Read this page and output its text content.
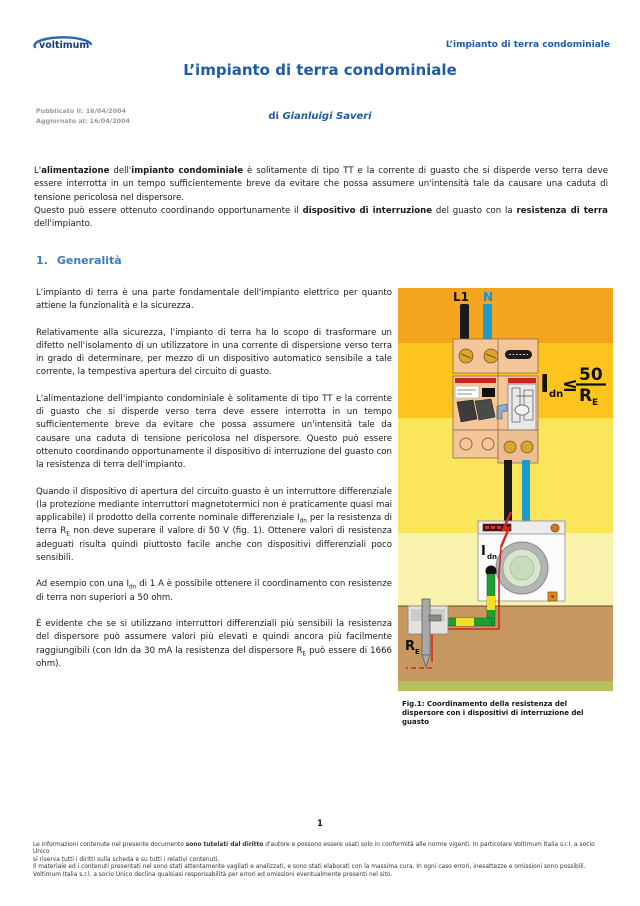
voltimum	L’impianto di terra condominiale
L’impianto di terra condominiale
Pubblicato il: 16/04/2004
Aggiornato al: 16/04/2004	di Gianluigi Saveri

L'alimentazione dell'impianto condominiale è solitamente di tipo TT e la corrente di guasto che si disperde verso terra deve essere interrotta in un tempo sufficientemente breve da evitare che possa assumere un'intensità tale da causare una caduta di tensione pericolosa nel dispersore.

Questo può essere ottenuto coordinando opportunamente il dispositivo di interruzione del guasto con la resistenza di terra dell'impianto.

1. Generalità

L'impianto di terra è una parte fondamentale dell'impianto elettrico per quanto attiene la funzionalità e la sicurezza.

Relativamente alla sicurezza, l'impianto di terra ha lo scopo di trasformare un difetto nell'isolamento di un utilizzatore in una corrente di dispersione verso terra in grado di determinare, per mezzo di un dispositivo automatico sensibile a tale corrente, la tempestiva apertura del circuito di guasto.

L'alimentazione dell'impianto condominiale è solitamente di tipo TT e la corrente di guasto che si disperde verso terra deve essere interrotta in un tempo sufficientemente breve da evitare che possa assumere un'intensità tale da causare una caduta di tensione pericolosa nel dispersore. Questo può essere ottenuto coordinando opportunamente il dispositivo di interruzione del guasto con la resistenza di terra dell'impianto.

Quando il dispositivo di apertura del circuito guasto è un interruttore differenziale (la protezione mediante interruttori magnetotermici non è praticamente quasi mai applicabile) il prodotto della corrente nominale differenziale $I_{dn}$ per la resistenza di terra $R_E$ non deve superare il valore di 50 V (fig. 1). Ottenere valori di resistenza adeguati risulta quindi piuttosto facile anche con dispositivi differenziali poco sensibili.

Ad esempio con una $I_{dn}$ di 1 A è possibile ottenere il coordinamento con resistenze di terra non superiori a 50 ohm.

É evidente che se si utilizzano interruttori differenziali più sensibili la resistenza del dispersore può assumere valori più elevati e quindi ancora più facilmente raggiungibili (con Idn da 30 mA la resistenza del dispersore $R_E$ può essere di 1666 ohm).

L1 N
I dn
≤ 50
R E
I dn
R E
Fig.1: Coordinamento della resistenza del dispersore con i dispositivi di interruzione del guasto
1
Le informazioni contenute nel presente documento sono tutelati dal diritto d'autore e possono essere usati solo in conformità alle norme vigenti. In particolare Voltimum Italia s.r.l. a socio Unico
si riserva tutti i diritti sulla scheda e su tutti i relativi contenuti.
Il materiale ed i contenuti presentati nel sono stati attentamente vagliati e analizzati, e sono stati elaborati con la massima cura. In ogni caso errori, inesattezze e omissioni sono possibili.
Voltimum Italia s.r.l. a socio Unico declina qualsiasi responsabilità per errori ed omissioni eventualmente presenti nel sito.
